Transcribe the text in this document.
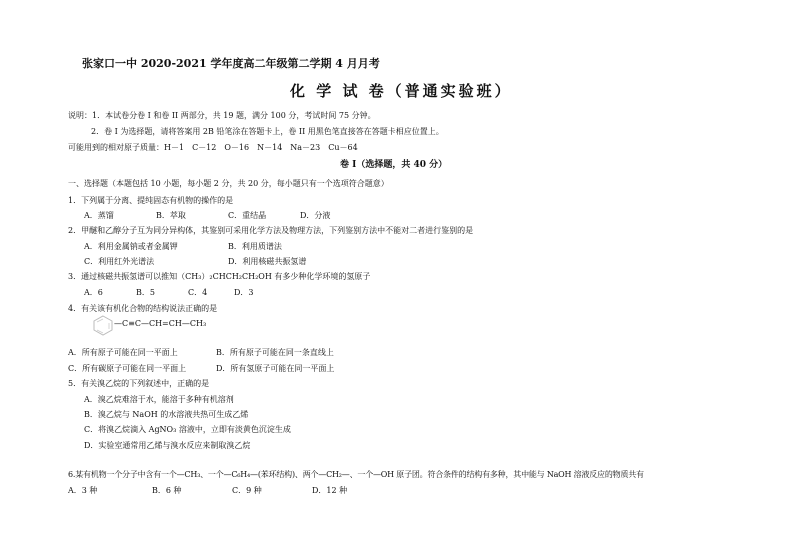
张家口一中 2020-2021 学年度高二年级第二学期 4 月月考
化 学 试 卷（普通实验班）
说明：1．本试卷分卷 I 和卷 II 两部分，共 19 题，满分 100 分，考试时间 75 分钟。
2．卷 I 为选择题，请将答案用 2B 铅笔涂在答题卡上，卷 II 用黑色笔直接答在答题卡相应位置上。
可能用到的相对原子质量：H－1　C－12　O－16　N－14　Na－23　Cu－64
卷 I（选择题，共 40 分）
一、选择题（本题包括 10 小题，每小题 2 分，共 20 分，每小题只有一个选项符合题意）
1．下列属于分离、提纯固态有机物的操作的是
A．蒸馏	B．萃取	C．重结晶	D．分液
2．甲醚和乙醇分子互为同分异构体，其鉴别可采用化学方法及物理方法，下列鉴别方法中不能对二者进行鉴别的是
A．利用金属钠或者金属钾	B．利用质谱法
C．利用红外光谱法	D．利用核磁共振氢谱
3．通过核磁共振氢谱可以推知（CH₃）₂CHCH₂CH₂OH 有多少种化学环境的氢原子
A．6	B．5	C．4	D．3
4．有关该有机化合物的结构说法正确的是
—C≡C—CH=CH—CH₃
A．所有原子可能在同一平面上	B．所有原子可能在同一条直线上
C．所有碳原子可能在同一平面上	D．所有氢原子可能在同一平面上
5．有关溴乙烷的下列叙述中，正确的是
A．溴乙烷难溶于水，能溶于多种有机溶剂
B．溴乙烷与 NaOH 的水溶液共热可生成乙烯
C．将溴乙烷滴入 AgNO₃ 溶液中，立即有淡黄色沉淀生成
D．实验室通常用乙烯与溴水反应来制取溴乙烷
6.某有机物一个分子中含有一个—CH₃、一个—C₆H₄—(苯环结构)、两个—CH₂—、一个—OH 原子团。符合条件的结构有多种，其中能与 NaOH 溶液反应的物质共有
A．3 种	B．6 种	C．9 种	D．12 种
